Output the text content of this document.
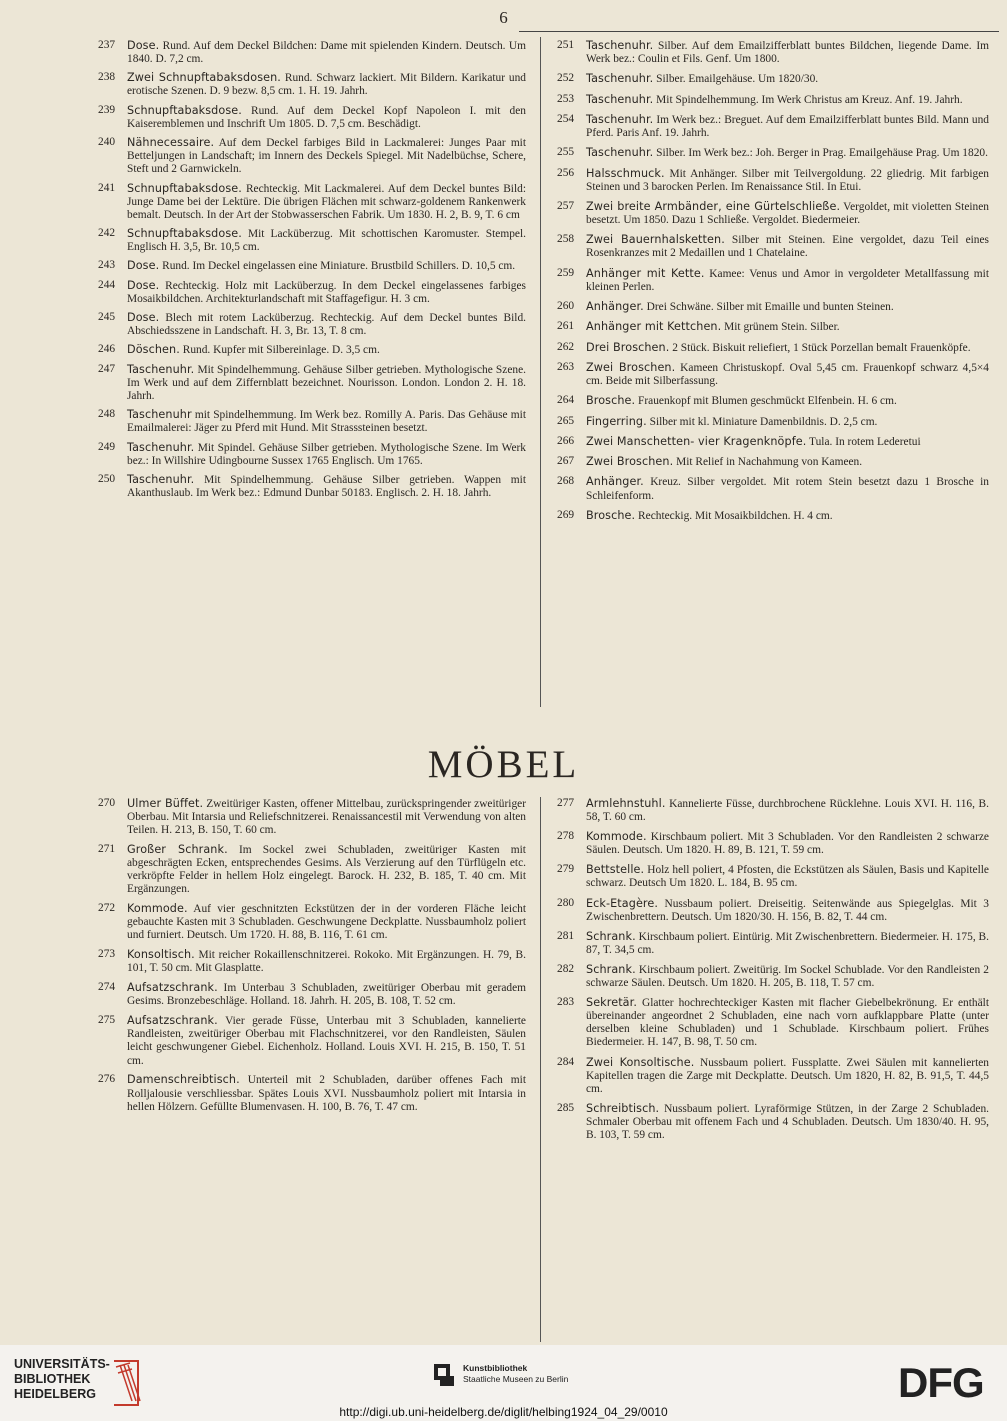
6
237	Dose. Rund. Auf dem Deckel Bildchen: Dame mit spielenden Kindern. Deutsch. Um 1840. D. 7,2 cm.
238	Zwei Schnupftabaksdosen. Rund. Schwarz lackiert. Mit Bildern. Karikatur und erotische Szenen. D. 9 bezw. 8,5 cm. 1. H. 19. Jahrh.
239	Schnupftabaksdose. Rund. Auf dem Deckel Kopf Napoleon I. mit den Kaiseremblemen und Inschrift Um 1805. D. 7,5 cm. Beschädigt.
240	Nähnecessaire. Auf dem Deckel farbiges Bild in Lackmalerei: Junges Paar mit Betteljungen in Landschaft; im Innern des Deckels Spiegel. Mit Nadelbüchse, Schere, Steft und 2 Garnwickeln.
241	Schnupftabaksdose. Rechteckig. Mit Lackmalerei. Auf dem Deckel buntes Bild: Junge Dame bei der Lektüre. Die übrigen Flächen mit schwarz-goldenem Rankenwerk bemalt. Deutsch. In der Art der Stobwasserschen Fabrik. Um 1830. H. 2, B. 9, T. 6 cm
242	Schnupftabaksdose. Mit Lacküberzug. Mit schottischen Karomuster. Stempel. Englisch H. 3,5, Br. 10,5 cm.
243	Dose. Rund. Im Deckel eingelassen eine Miniature. Brustbild Schillers. D. 10,5 cm.
244	Dose. Rechteckig. Holz mit Lacküberzug. In dem Deckel eingelassenes farbiges Mosaikbildchen. Architekturlandschaft mit Staffagefigur. H. 3 cm.
245	Dose. Blech mit rotem Lacküberzug. Rechteckig. Auf dem Deckel buntes Bild. Abschiedsszene in Landschaft. H. 3, Br. 13, T. 8 cm.
246	Döschen. Rund. Kupfer mit Silbereinlage. D. 3,5 cm.
247	Taschenuhr. Mit Spindelhemmung. Gehäuse Silber getrieben. Mythologische Szene. Im Werk und auf dem Ziffernblatt bezeichnet. Nourisson. London. London 2. H. 18. Jahrh.
248	Taschenuhr mit Spindelhemmung. Im Werk bez. Romilly A. Paris. Das Gehäuse mit Emailmalerei: Jäger zu Pferd mit Hund. Mit Strasssteinen besetzt.
249	Taschenuhr. Mit Spindel. Gehäuse Silber getrieben. Mythologische Szene. Im Werk bez.: In Willshire Udingbourne Sussex 1765 Englisch. Um 1765.
250	Taschenuhr. Mit Spindelhemmung. Gehäuse Silber getrieben. Wappen mit Akanthuslaub. Im Werk bez.: Edmund Dunbar 50183. Englisch. 2. H. 18. Jahrh.
251	Taschenuhr. Silber. Auf dem Emailzifferblatt buntes Bildchen, liegende Dame. Im Werk bez.: Coulin et Fils. Genf. Um 1800.
252	Taschenuhr. Silber. Emailgehäuse. Um 1820/30.
253	Taschenuhr. Mit Spindelhemmung. Im Werk Christus am Kreuz. Anf. 19. Jahrh.
254	Taschenuhr. Im Werk bez.: Breguet. Auf dem Emailzifferblatt buntes Bild. Mann und Pferd. Paris Anf. 19. Jahrh.
255	Taschenuhr. Silber. Im Werk bez.: Joh. Berger in Prag. Emailgehäuse Prag. Um 1820.
256	Halsschmuck. Mit Anhänger. Silber mit Teilvergoldung. 22 gliedrig. Mit farbigen Steinen und 3 barocken Perlen. Im Renaissance Stil. In Etui.
257	Zwei breite Armbänder, eine Gürtelschließe. Vergoldet, mit violetten Steinen besetzt. Um 1850. Dazu 1 Schließe. Vergoldet. Biedermeier.
258	Zwei Bauernhalsketten. Silber mit Steinen. Eine vergoldet, dazu Teil eines Rosenkranzes mit 2 Medaillen und 1 Chatelaine.
259	Anhänger mit Kette. Kamee: Venus und Amor in vergoldeter Metallfassung mit kleinen Perlen.
260	Anhänger. Drei Schwäne. Silber mit Emaille und bunten Steinen.
261	Anhänger mit Kettchen. Mit grünem Stein. Silber.
262	Drei Broschen. 2 Stück. Biskuit reliefiert, 1 Stück Porzellan bemalt Frauenköpfe.
263	Zwei Broschen. Kameen Christuskopf. Oval 5,45 cm. Frauenkopf schwarz 4,5×4 cm. Beide mit Silberfassung.
264	Brosche. Frauenkopf mit Blumen geschmückt Elfenbein. H. 6 cm.
265	Fingerring. Silber mit kl. Miniature Damenbildnis. D. 2,5 cm.
266	Zwei Manschetten- vier Kragenknöpfe. Tula. In rotem Lederetui
267	Zwei Broschen. Mit Relief in Nachahmung von Kameen.
268	Anhänger. Kreuz. Silber vergoldet. Mit rotem Stein besetzt dazu 1 Brosche in Schleifenform.
269	Brosche. Rechteckig. Mit Mosaikbildchen. H. 4 cm.
MÖBEL
270	Ulmer Büffet. Zweitüriger Kasten, offener Mittelbau, zurückspringender zweitüriger Oberbau. Mit Intarsia und Reliefschnitzerei. Renaissancestil mit Verwendung von alten Teilen. H. 213, B. 150, T. 60 cm.
271	Großer Schrank. Im Sockel zwei Schubladen, zweitüriger Kasten mit abgeschrägten Ecken, entsprechendes Gesims. Als Verzierung auf den Türflügeln etc. verkröpfte Felder in hellem Holz eingelegt. Barock. H. 232, B. 185, T. 40 cm. Mit Ergänzungen.
272	Kommode. Auf vier geschnitzten Eckstützen der in der vorderen Fläche leicht gebauchte Kasten mit 3 Schubladen. Geschwungene Deckplatte. Nussbaumholz poliert und furniert. Deutsch. Um 1720. H. 88, B. 116, T. 61 cm.
273	Konsoltisch. Mit reicher Rokaillenschnitzerei. Rokoko. Mit Ergänzungen. H. 79, B. 101, T. 50 cm. Mit Glasplatte.
274	Aufsatzschrank. Im Unterbau 3 Schubladen, zweitüriger Oberbau mit geradem Gesims. Bronzebeschläge. Holland. 18. Jahrh. H. 205, B. 108, T. 52 cm.
275	Aufsatzschrank. Vier gerade Füsse, Unterbau mit 3 Schubladen, kannelierte Randleisten, zweitüriger Oberbau mit Flachschnitzerei, vor den Randleisten, Säulen leicht geschwungener Giebel. Eichenholz. Holland. Louis XVI. H. 215, B. 150, T. 51 cm.
276	Damenschreibtisch. Unterteil mit 2 Schubladen, darüber offenes Fach mit Rolljalousie verschliessbar. Spätes Louis XVI. Nussbaumholz poliert mit Intarsia in hellen Hölzern. Gefüllte Blumenvasen. H. 100, B. 76, T. 47 cm.
277	Armlehnstuhl. Kannelierte Füsse, durchbrochene Rücklehne. Louis XVI. H. 116, B. 58, T. 60 cm.
278	Kommode. Kirschbaum poliert. Mit 3 Schubladen. Vor den Randleisten 2 schwarze Säulen. Deutsch. Um 1820. H. 89, B. 121, T. 59 cm.
279	Bettstelle. Holz hell poliert, 4 Pfosten, die Eckstützen als Säulen, Basis und Kapitelle schwarz. Deutsch Um 1820. L. 184, B. 95 cm.
280	Eck-Etagère. Nussbaum poliert. Dreiseitig. Seitenwände aus Spiegelglas. Mit 3 Zwischenbrettern. Deutsch. Um 1820/30. H. 156, B. 82, T. 44 cm.
281	Schrank. Kirschbaum poliert. Eintürig. Mit Zwischenbrettern. Biedermeier. H. 175, B. 87, T. 34,5 cm.
282	Schrank. Kirschbaum poliert. Zweitürig. Im Sockel Schublade. Vor den Randleisten 2 schwarze Säulen. Deutsch. Um 1820. H. 205, B. 118, T. 57 cm.
283	Sekretär. Glatter hochrechteckiger Kasten mit flacher Giebelbekrönung. Er enthält übereinander angeordnet 2 Schubladen, eine nach vorn aufklappbare Platte (unter derselben kleine Schubladen) und 1 Schublade. Kirschbaum poliert. Frühes Biedermeier. H. 147, B. 98, T. 50 cm.
284	Zwei Konsoltische. Nussbaum poliert. Fussplatte. Zwei Säulen mit kannelierten Kapitellen tragen die Zarge mit Deckplatte. Deutsch. Um 1820, H. 82, B. 91,5, T. 44,5 cm.
285	Schreibtisch. Nussbaum poliert. Lyraförmige Stützen, in der Zarge 2 Schubladen. Schmaler Oberbau mit offenem Fach und 4 Schubladen. Deutsch. Um 1830/40. H. 95, B. 103, T. 59 cm.
UNIVERSITÄTS-
BIBLIOTHEK
HEIDELBERG
Kunstbibliothek
Staatliche Museen zu Berlin	DFG
http://digi.ub.uni-heidelberg.de/diglit/helbing1924_04_29/0010
